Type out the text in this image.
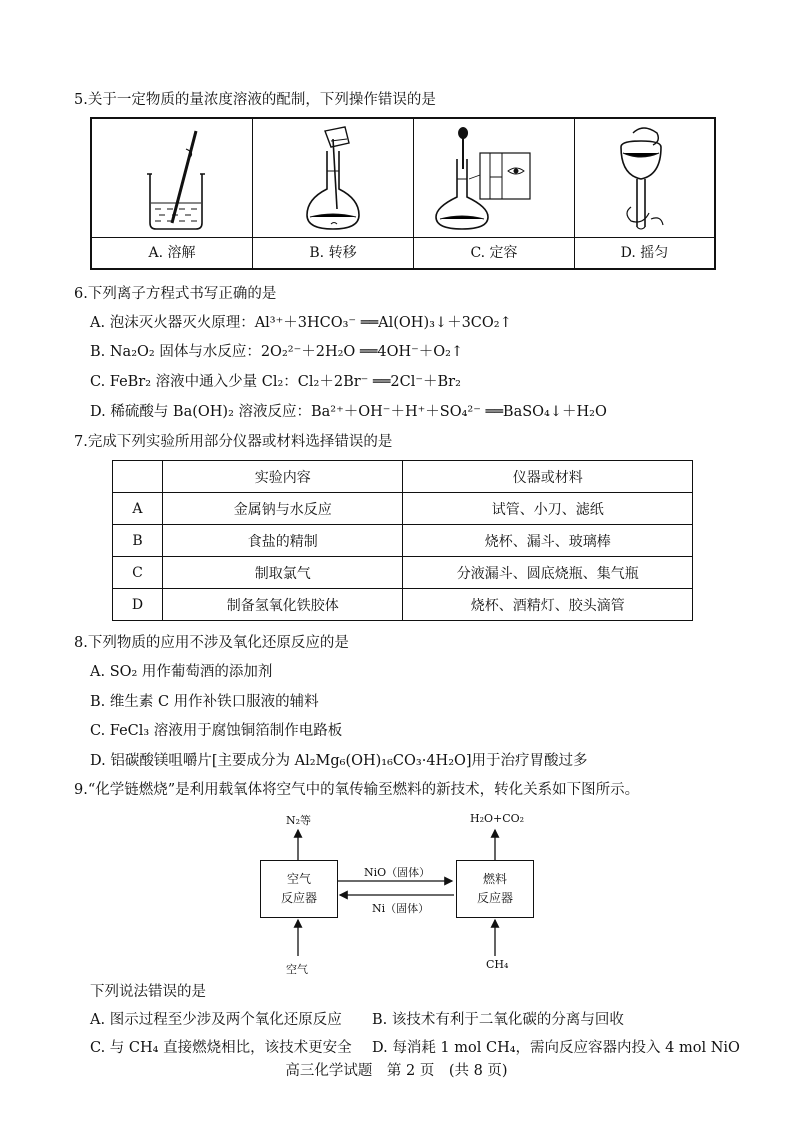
5.关于一定物质的量浓度溶液的配制，下列操作错误的是
A. 溶解	B. 转移	C. 定容	D. 摇匀
6.下列离子方程式书写正确的是
A. 泡沫灭火器灭火原理：Al³⁺＋3HCO₃⁻ ══Al(OH)₃↓＋3CO₂↑
B. Na₂O₂ 固体与水反应：2O₂²⁻＋2H₂O ══4OH⁻＋O₂↑
C. FeBr₂ 溶液中通入少量 Cl₂：Cl₂＋2Br⁻ ══2Cl⁻＋Br₂
D. 稀硫酸与 Ba(OH)₂ 溶液反应：Ba²⁺＋OH⁻＋H⁺＋SO₄²⁻ ══BaSO₄↓＋H₂O
7.完成下列实验所用部分仪器或材料选择错误的是
	实验内容	仪器或材料
A	金属钠与水反应	试管、小刀、滤纸
B	食盐的精制	烧杯、漏斗、玻璃棒
C	制取氯气	分液漏斗、圆底烧瓶、集气瓶
D	制备氢氧化铁胶体	烧杯、酒精灯、胶头滴管
8.下列物质的应用不涉及氧化还原反应的是
A. SO₂ 用作葡萄酒的添加剂
B. 维生素 C 用作补铁口服液的辅料
C. FeCl₃ 溶液用于腐蚀铜箔制作电路板
D. 铝碳酸镁咀嚼片[主要成分为 Al₂Mg₆(OH)₁₆CO₃·4H₂O]用于治疗胃酸过多
9.“化学链燃烧”是利用载氧体将空气中的氧传输至燃料的新技术，转化关系如下图所示。
空气
反应器
燃料
反应器
N₂等	H₂O+CO₂
NiO（固体）
Ni（固体）
空气	CH₄
下列说法错误的是
A. 图示过程至少涉及两个氧化还原反应 B. 该技术有利于二氧化碳的分离与回收
C. 与 CH₄ 直接燃烧相比，该技术更安全 D. 每消耗 1 mol CH₄，需向反应容器内投入 4 mol NiO
高三化学试题　第 2 页　(共 8 页)
